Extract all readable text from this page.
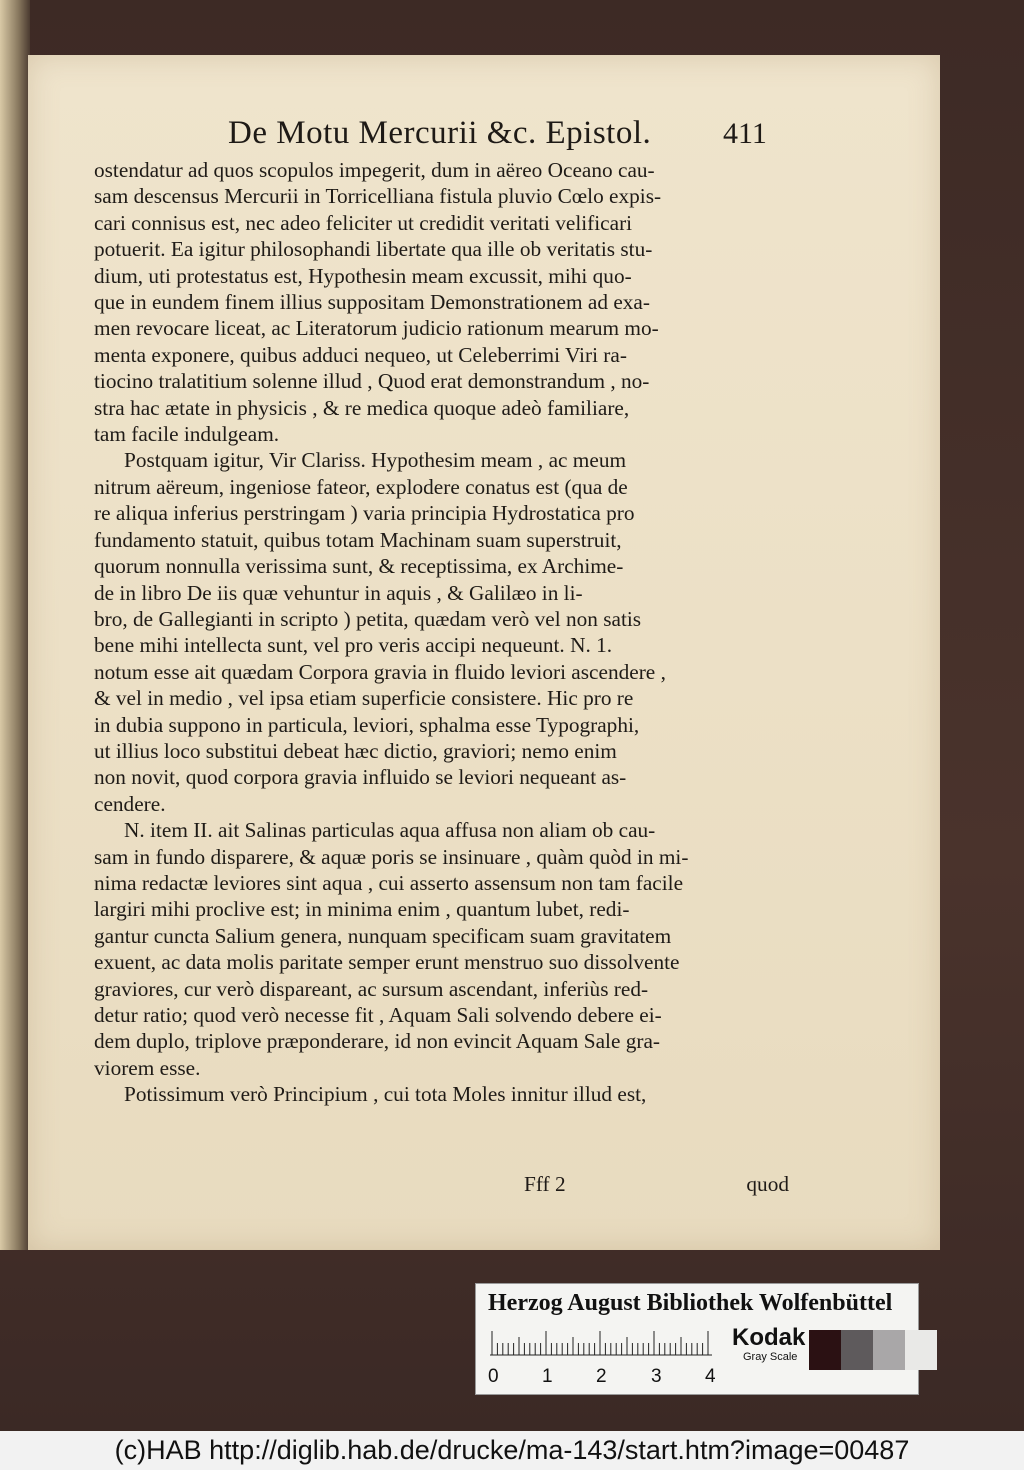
De Motu Mercurii &c. Epistol. 411

ostendatur ad quos scopulos impegerit, dum in aëreo Oceano cau-
sam descensus Mercurii in Torricelliana fistula pluvio Cœlo expis-
cari connisus est, nec adeo feliciter ut credidit veritati velificari
potuerit. Ea igitur philosophandi libertate qua ille ob veritatis stu-
dium, uti protestatus est, Hypothesin meam excussit, mihi quo-
que in eundem finem illius suppositam Demonstrationem ad exa-
men revocare liceat, ac Literatorum judicio rationum mearum mo-
menta exponere, quibus adduci nequeo, ut Celeberrimi Viri ra-
tiocino tralatitium solenne illud , Quod erat demonstrandum , no-
stra hac ætate in physicis , & re medica quoque adeò familiare,
tam facile indulgeam.

Postquam igitur, Vir Clariss. Hypothesim meam , ac meum
nitrum aëreum, ingeniose fateor, explodere conatus est (qua de
re aliqua inferius perstringam ) varia principia Hydrostatica pro
fundamento statuit, quibus totam Machinam suam superstruit,
quorum nonnulla verissima sunt, & receptissima, ex Archime-
de in libro De iis quæ vehuntur in aquis , & Galilæo in li-
bro, de Gallegianti in scripto ) petita, quædam verò vel non satis
bene mihi intellecta sunt, vel pro veris accipi nequeunt. N. 1.
notum esse ait quædam Corpora gravia in fluido leviori ascendere ,
& vel in medio , vel ipsa etiam superficie consistere. Hic pro re
in dubia suppono in particula, leviori, sphalma esse Typographi,
ut illius loco substitui debeat hæc dictio, graviori; nemo enim
non novit, quod corpora gravia influido se leviori nequeant as-
cendere.

N. item II. ait Salinas particulas aqua affusa non aliam ob cau-
sam in fundo disparere, & aquæ poris se insinuare , quàm quòd in mi-
nima redactæ leviores sint aqua , cui asserto assensum non tam facile
largiri mihi proclive est; in minima enim , quantum lubet, redi-
gantur cuncta Salium genera, nunquam specificam suam gravitatem
exuent, ac data molis paritate semper erunt menstruo suo dissolvente
graviores, cur verò dispareant, ac sursum ascendant, inferiùs red-
detur ratio; quod verò necesse fit , Aquam Sali solvendo debere ei-
dem duplo, triplove præponderare, id non evincit Aquam Sale gra-
viorem esse.

Potissimum verò Principium , cui tota Moles innitur illud est,

Fff 2	quod
Herzog August Bibliothek Wolfenbüttel
0 1 2 3 4
Kodak
Gray Scale
(c)HAB http://diglib.hab.de/drucke/ma-143/start.htm?image=00487
